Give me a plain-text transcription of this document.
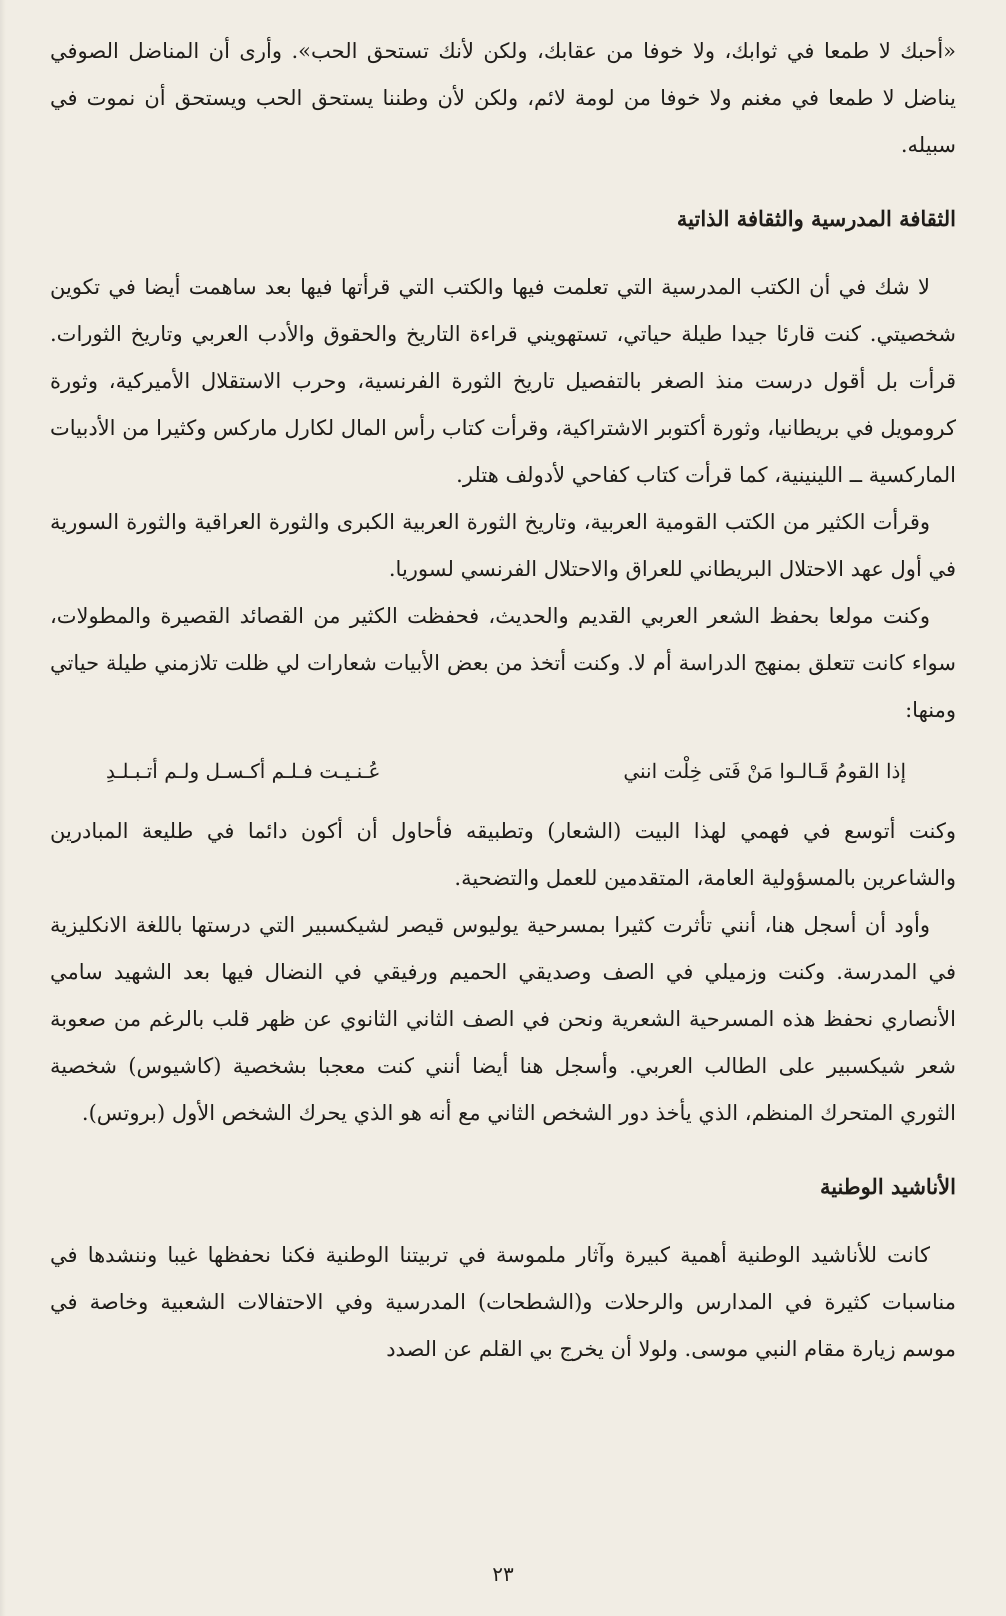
«أحبك لا طمعا في ثوابك، ولا خوفا من عقابك، ولكن لأنك تستحق الحب». وأرى أن المناضل الصوفي يناضل لا طمعا في مغنم ولا خوفا من لومة لائم، ولكن لأن وطننا يستحق الحب ويستحق أن نموت في سبيله.

الثقافة المدرسية والثقافة الذاتية

لا شك في أن الكتب المدرسية التي تعلمت فيها والكتب التي قرأتها فيها بعد ساهمت أيضا في تكوين شخصيتي. كنت قارئا جيدا طيلة حياتي، تستهويني قراءة التاريخ والحقوق والأدب العربي وتاريخ الثورات. قرأت بل أقول درست منذ الصغر بالتفصيل تاريخ الثورة الفرنسية، وحرب الاستقلال الأميركية، وثورة كرومويل في بريطانيا، وثورة أكتوبر الاشتراكية، وقرأت كتاب رأس المال لكارل ماركس وكثيرا من الأدبيات الماركسية ــ اللينينية، كما قرأت كتاب كفاحي لأدولف هتلر.

وقرأت الكثير من الكتب القومية العربية، وتاريخ الثورة العربية الكبرى والثورة العراقية والثورة السورية في أول عهد الاحتلال البريطاني للعراق والاحتلال الفرنسي لسوريا.

وكنت مولعا بحفظ الشعر العربي القديم والحديث، فحفظت الكثير من القصائد القصيرة والمطولات، سواء كانت تتعلق بمنهج الدراسة أم لا. وكنت أتخذ من بعض الأبيات شعارات لي ظلت تلازمني طيلة حياتي ومنها:

إذا القومُ قَـالـوا مَنْ فَتى خِلْت انني
عُـنـيـت فـلـم أكـسـل ولـم أتـبـلـدِ

وكنت أتوسع في فهمي لهذا البيت (الشعار) وتطبيقه فأحاول أن أكون دائما في طليعة المبادرين والشاعرين بالمسؤولية العامة، المتقدمين للعمل والتضحية.

وأود أن أسجل هنا، أنني تأثرت كثيرا بمسرحية يوليوس قيصر لشيكسبير التي درستها باللغة الانكليزية في المدرسة. وكنت وزميلي في الصف وصديقي الحميم ورفيقي في النضال فيها بعد الشهيد سامي الأنصاري نحفظ هذه المسرحية الشعرية ونحن في الصف الثاني الثانوي عن ظهر قلب بالرغم من صعوبة شعر شيكسبير على الطالب العربي. وأسجل هنا أيضا أنني كنت معجبا بشخصية (كاشيوس) شخصية الثوري المتحرك المنظم، الذي يأخذ دور الشخص الثاني مع أنه هو الذي يحرك الشخص الأول (بروتس).

الأناشيد الوطنية

كانت للأناشيد الوطنية أهمية كبيرة وآثار ملموسة في تربيتنا الوطنية فكنا نحفظها غيبا وننشدها في مناسبات كثيرة في المدارس والرحلات و(الشطحات) المدرسية وفي الاحتفالات الشعبية وخاصة في موسم زيارة مقام النبي موسى. ولولا أن يخرج بي القلم عن الصدد

٢٣
